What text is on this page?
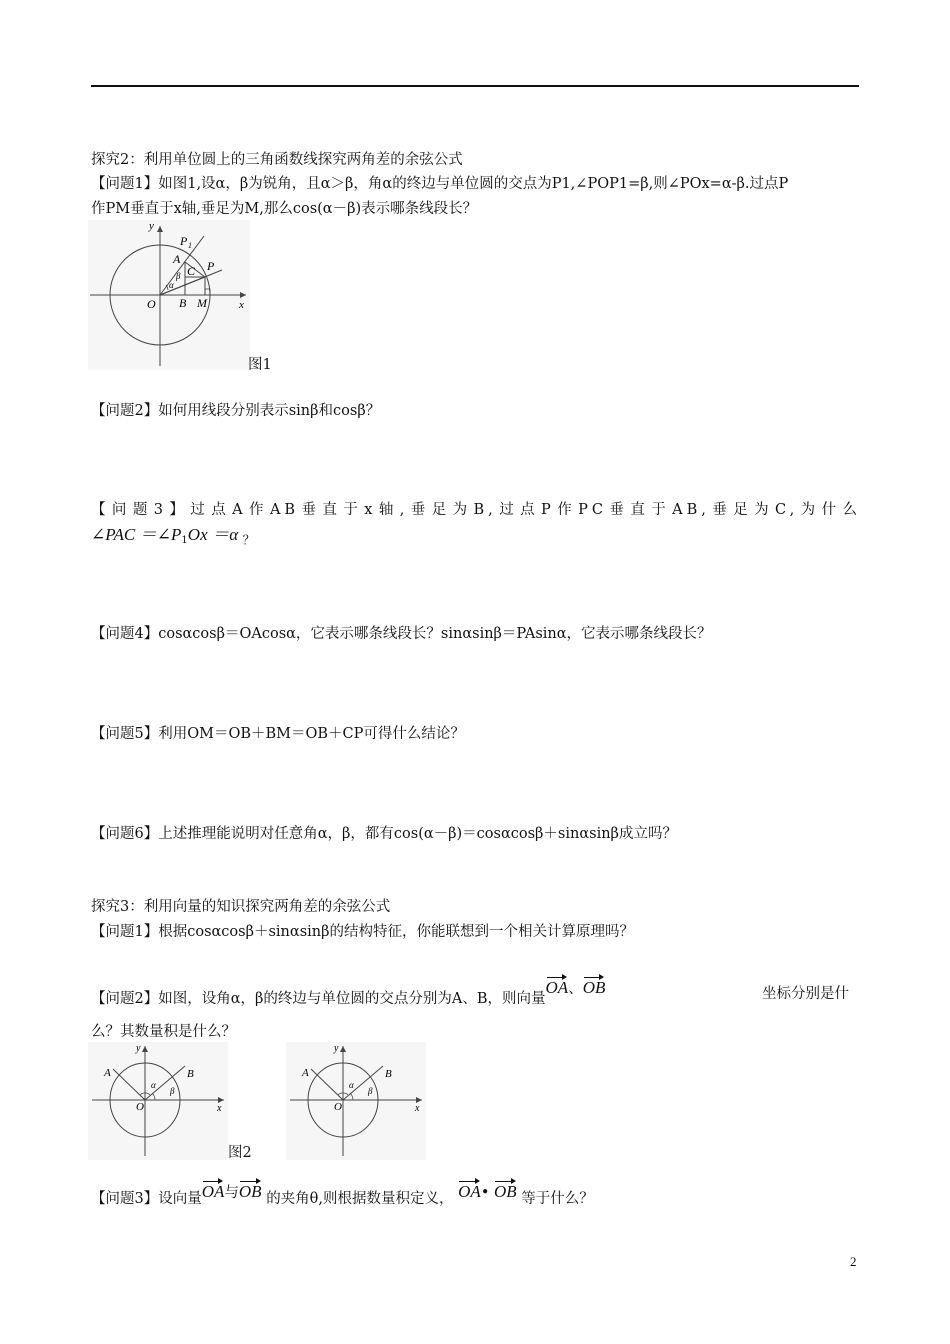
探究2：利用单位圆上的三角函数线探究两角差的余弦公式
【问题1】如图1,设α，β为锐角，且α＞β，角α的终边与单位圆的交点为P1,∠POP1=β,则∠POx=α-β.过点P
作PM垂直于x轴,垂足为M,那么cos(α－β)表示哪条线段长？
y
x
O
P 1
P
A
C
B M
α
β
图1
【问题2】如何用线段分别表示sinβ和cosβ？
【问题3】过点A作AB垂直于x轴,垂足为B,过点P作PC垂直于AB,垂足为C,为什么
∠PAC $=\angle P_1Ox =\alpha$ $_?$
【问题4】cosαcosβ＝OAcosα，它表示哪条线段长？sinαsinβ＝PAsinα，它表示哪条线段长？
【问题5】利用OM＝OB＋BM＝OB＋CP可得什么结论？
【问题6】上述推理能说明对任意角α，β，都有cos(α－β)＝cosαcosβ＋sinαsinβ成立吗？
探究3：利用向量的知识探究两角差的余弦公式
【问题1】根据cosαcosβ＋sinαsinβ的结构特征，你能联想到一个相关计算原理吗？
【问题2】如图，设角α，β的终边与单位圆的交点分别为A、B，则向量OA、OB	坐标分别是什
么？其数量积是什么？
y
x
O
A	B
α
β
图2
y
x
O
A	B
α
β
【问题3】设向量OA与OB 的夹角θ,则根据数量积定义， OA• OB 等于什么？
2
